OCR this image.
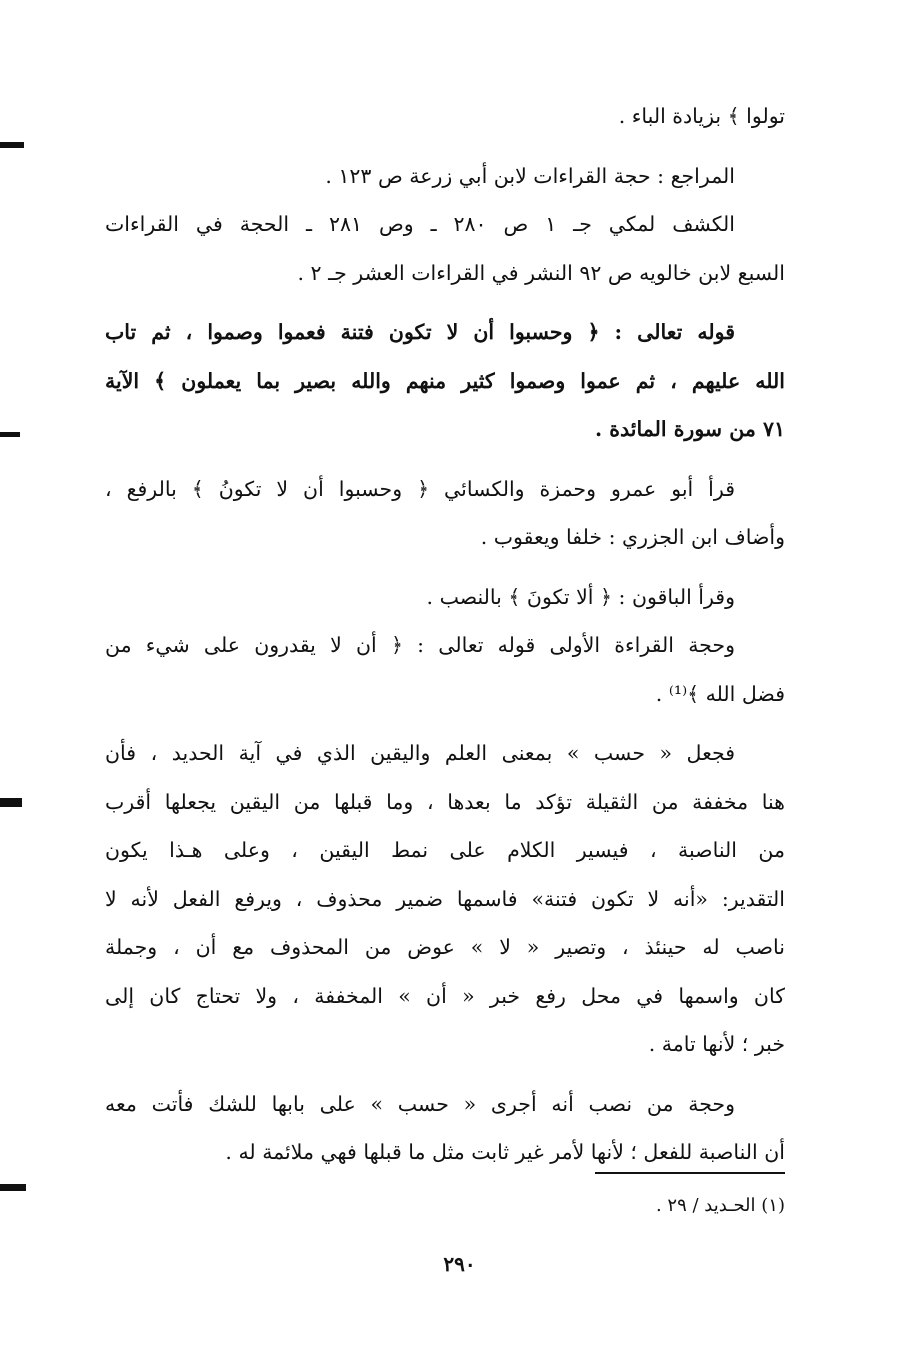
تولوا ﴾ بزيادة الباء .
المراجع : حجة القراءات لابن أبي زرعة ص ١٢٣ .
الكشف لمكي جـ ١ ص ٢٨٠ ـ وص ٢٨١ ـ الحجة في القراءات
السبع لابن خالويه ص ٩٢ النشر في القراءات العشر جـ ٢ .
قوله تعالى : ﴿ وحسبوا أن لا تكون فتنة فعموا وصموا ، ثم تاب
الله عليهم ، ثم عموا وصموا كثير منهم والله بصير بما يعملون ﴾ الآية
٧١ من سورة المائدة .
قرأ أبو عمرو وحمزة والكسائي ﴿ وحسبوا أن لا تكونُ ﴾ بالرفع ،
وأضاف ابن الجزري : خلفا ويعقوب .
وقرأ الباقون : ﴿ ألا تكونَ ﴾ بالنصب .
وحجة القراءة الأولى قوله تعالى : ﴿ أن لا يقدرون على شيء من
فضل الله ﴾⁽¹⁾ .
فجعل « حسب » بمعنى العلم واليقين الذي في آية الحديد ، فأن
هنا مخففة من الثقيلة تؤكد ما بعدها ، وما قبلها من اليقين يجعلها أقرب
من الناصبة ، فيسير الكلام على نمط اليقين ، وعلى هـذا يكون
التقدير: «أنه لا تكون فتنة» فاسمها ضمير محذوف ، ويرفع الفعل لأنه لا
ناصب له حينئذ ، وتصير « لا » عوض من المحذوف مع أن ، وجملة
كان واسمها في محل رفع خبر « أن » المخففة ، ولا تحتاج كان إلى
خبر ؛ لأنها تامة .
وحجة من نصب أنه أجرى « حسب » على بابها للشك فأتت معه
أن الناصبة للفعل ؛ لأنها لأمر غير ثابت مثل ما قبلها فهي ملائمة له .
(١) الحـديد / ٢٩ .
٢٩٠
